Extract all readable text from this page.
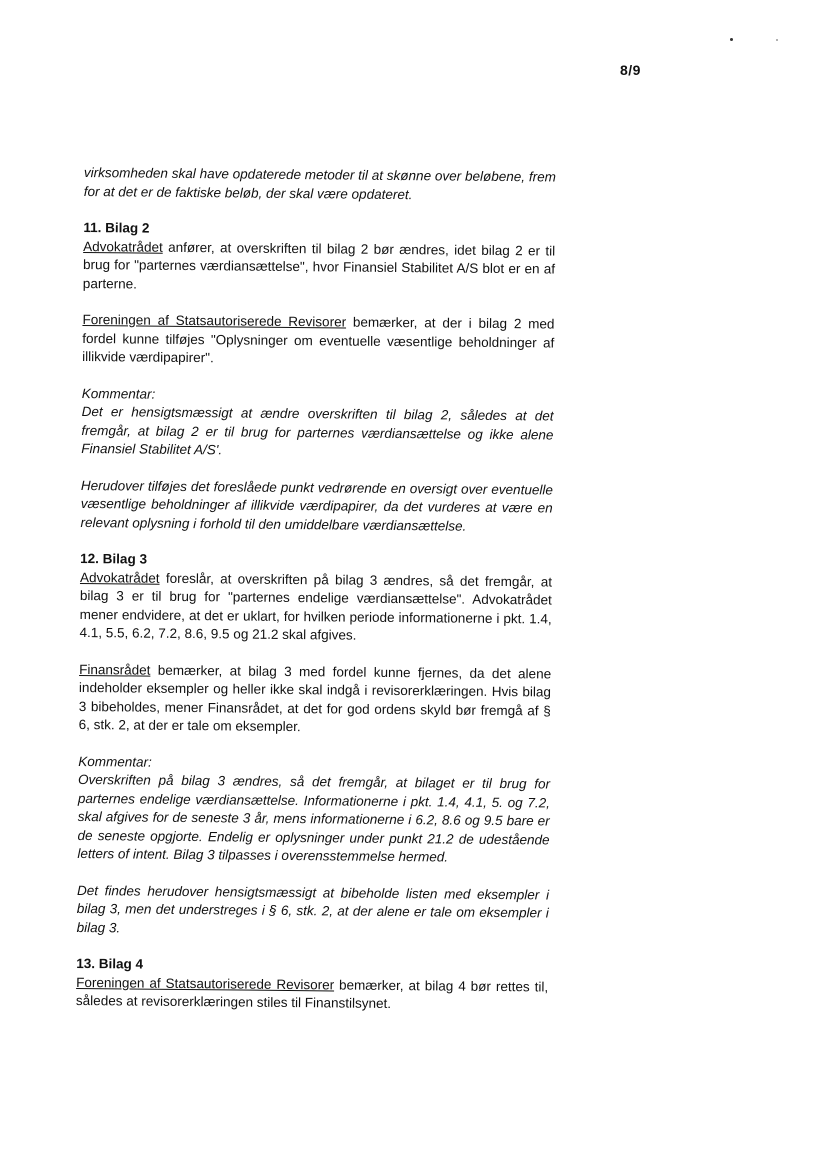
8/9

virksomheden skal have opdaterede metoder til at skønne over beløbene, frem for at det er de faktiske beløb, der skal være opdateret.

11. Bilag 2

Advokatrådet anfører, at overskriften til bilag 2 bør ændres, idet bilag 2 er til brug for "parternes værdiansættelse", hvor Finansiel Stabilitet A/S blot er en af parterne.

Foreningen af Statsautoriserede Revisorer bemærker, at der i bilag 2 med fordel kunne tilføjes "Oplysninger om eventuelle væsentlige beholdninger af illikvide værdipapirer".

Kommentar:

Det er hensigtsmæssigt at ændre overskriften til bilag 2, således at det fremgår, at bilag 2 er til brug for parternes værdiansættelse og ikke alene Finansiel Stabilitet A/S'.

Herudover tilføjes det foreslåede punkt vedrørende en oversigt over eventuelle væsentlige beholdninger af illikvide værdipapirer, da det vurderes at være en relevant oplysning i forhold til den umiddelbare værdiansættelse.

12. Bilag 3

Advokatrådet foreslår, at overskriften på bilag 3 ændres, så det fremgår, at bilag 3 er til brug for "parternes endelige værdiansættelse". Advokatrådet mener endvidere, at det er uklart, for hvilken periode informationerne i pkt. 1.4, 4.1, 5.5, 6.2, 7.2, 8.6, 9.5 og 21.2 skal afgives.

Finansrådet bemærker, at bilag 3 med fordel kunne fjernes, da det alene indeholder eksempler og heller ikke skal indgå i revisorerklæringen. Hvis bilag 3 bibeholdes, mener Finansrådet, at det for god ordens skyld bør fremgå af § 6, stk. 2, at der er tale om eksempler.

Kommentar:

Overskriften på bilag 3 ændres, så det fremgår, at bilaget er til brug for parternes endelige værdiansættelse. Informationerne i pkt. 1.4, 4.1, 5. og 7.2, skal afgives for de seneste 3 år, mens informationerne i 6.2, 8.6 og 9.5 bare er de seneste opgjorte. Endelig er oplysninger under punkt 21.2 de udestående letters of intent. Bilag 3 tilpasses i overensstemmelse hermed.

Det findes herudover hensigtsmæssigt at bibeholde listen med eksempler i bilag 3, men det understreges i § 6, stk. 2, at der alene er tale om eksempler i bilag 3.

13. Bilag 4

Foreningen af Statsautoriserede Revisorer bemærker, at bilag 4 bør rettes til, således at revisorerklæringen stiles til Finanstilsynet.
